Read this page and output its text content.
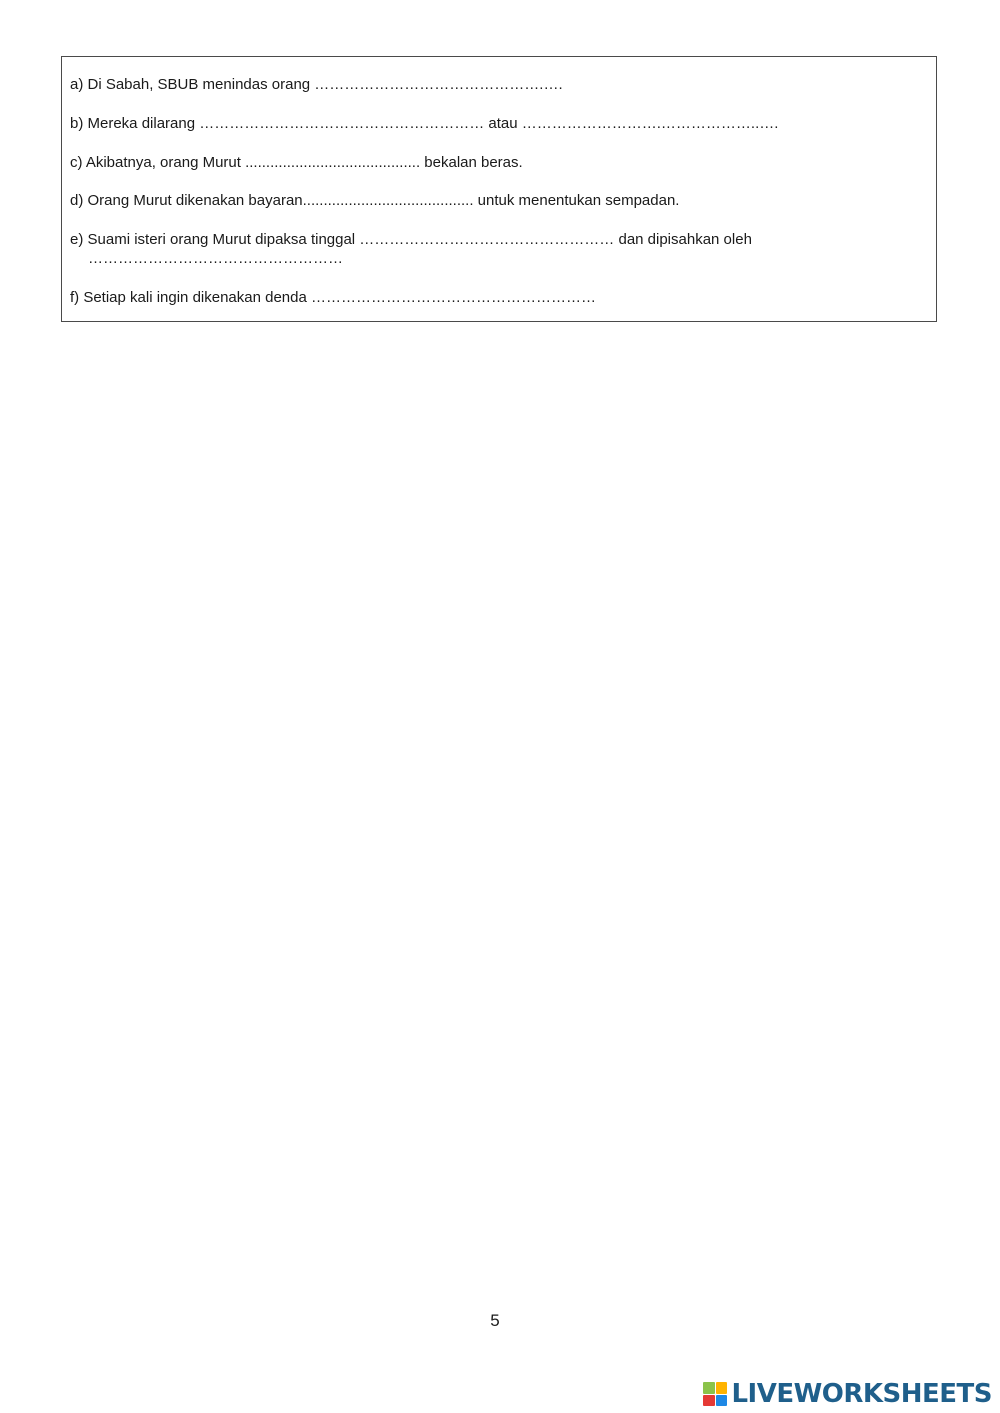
a) Di Sabah, SBUB menindas orang ……………………………………….….
b) Mereka dilarang ………………………………………………… atau ……………………….………………..….
c) Akibatnya, orang Murut .......................................... bekalan beras.
d) Orang Murut dikenakan bayaran......................................... untuk menentukan sempadan.
e) Suami isteri orang Murut dipaksa tinggal …………………………………………… dan dipisahkan oleh
……………………………………………
f) Setiap kali ingin dikenakan denda …………………………………………………
5
LIVEWORKSHEETS
